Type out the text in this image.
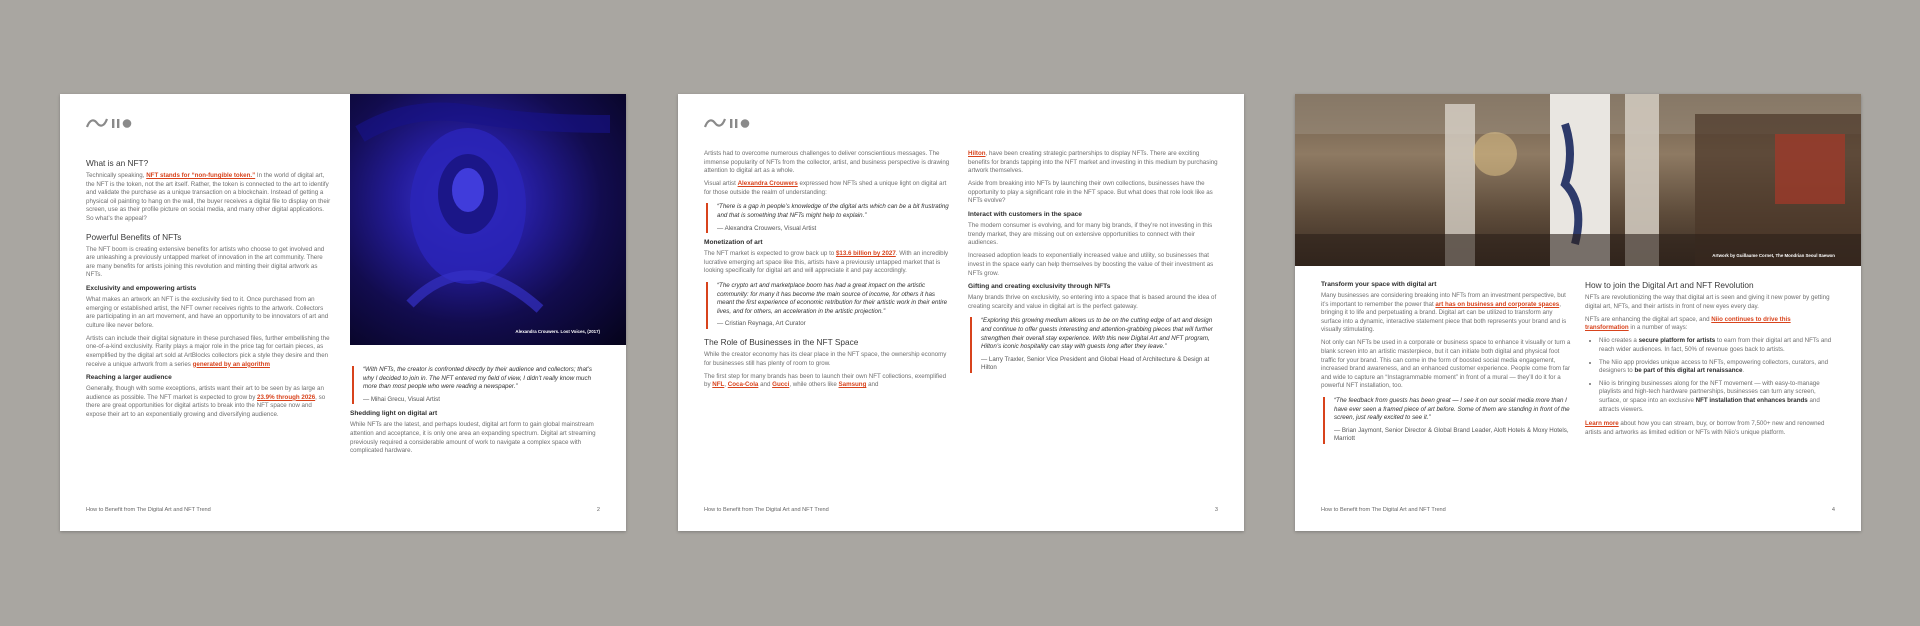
What is an NFT?

Technically speaking, NFT stands for “non-fungible token.” In the world of digital art, the NFT is the token, not the art itself. Rather, the token is connected to the art to identify and validate the purchase as a unique transaction on a blockchain. Instead of getting a physical oil painting to hang on the wall, the buyer receives a digital file to display on their screen, use as their profile picture on social media, and many other digital applications. So what’s the appeal?

Powerful Benefits of NFTs

The NFT boom is creating extensive benefits for artists who choose to get involved and are unleashing a previously untapped market of innovation in the art community. There are many benefits for artists joining this revolution and minting their digital artwork as NFTs.

Exclusivity and empowering artists

What makes an artwork an NFT is the exclusivity tied to it. Once purchased from an emerging or established artist, the NFT owner receives rights to the artwork. Collectors are participating in an art movement, and have an opportunity to be innovators of art and culture like never before.

Artists can include their digital signature in these purchased files, further embellishing the one-of-a-kind exclusivity. Rarity plays a major role in the price tag for certain pieces, as exemplified by the digital art sold at ArtBlocks collectors pick a style they desire and then receive a unique artwork from a series generated by an algorithm

Reaching a larger audience

Generally, though with some exceptions, artists want their art to be seen by as large an audience as possible. The NFT market is expected to grow by 23.9% through 2026, so there are great opportunities for digital artists to break into the NFT space now and expose their art to an exponentially growing and diversifying audience.

Alexandra Crouwers. Lost Voices, (2017)
“With NFTs, the creator is confronted directly by their audience and collectors; that’s why I decided to join in. The NFT entered my field of view, I didn’t really know much more than most people who were reading a newspaper.”
— Mihai Grecu, Visual Artist
Shedding light on digital art

While NFTs are the latest, and perhaps loudest, digital art form to gain global mainstream attention and acceptance, it is only one area an expanding spectrum. Digital art streaming previously required a considerable amount of work to navigate a complex space with complicated hardware.

How to Benefit from The Digital Art and NFT Trend	2

Artists had to overcome numerous challenges to deliver conscientious messages. The immense popularity of NFTs from the collector, artist, and business perspective is drawing attention to digital art as a whole.

Visual artist Alexandra Crouwers expressed how NFTs shed a unique light on digital art for those outside the realm of understanding:

“There is a gap in people’s knowledge of the digital arts which can be a bit frustrating and that is something that NFTs might help to explain.”
— Alexandra Crouwers, Visual Artist
Monetization of art

The NFT market is expected to grow back up to $13.6 billion by 2027. With an incredibly lucrative emerging art space like this, artists have a previously untapped market that is looking specifically for digital art and will appreciate it and pay accordingly.

“The crypto art and marketplace boom has had a great impact on the artistic community: for many it has become the main source of income, for others it has meant the first experience of economic retribution for their artistic work in their entire lives, and for others, an acceleration in the artistic projection.”
— Cristian Reynaga, Art Curator
The Role of Businesses in the NFT Space

While the creator economy has its clear place in the NFT space, the ownership economy for businesses still has plenty of room to grow.

The first step for many brands has been to launch their own NFT collections, exemplified by NFL, Coca-Cola and Gucci, while others like Samsung and

Hilton, have been creating strategic partnerships to display NFTs. There are exciting benefits for brands tapping into the NFT market and investing in this medium by purchasing artwork themselves.

Aside from breaking into NFTs by launching their own collections, businesses have the opportunity to play a significant role in the NFT space. But what does that role look like as NFTs evolve?

Interact with customers in the space

The modern consumer is evolving, and for many big brands, if they’re not investing in this trendy market, they are missing out on extensive opportunities to connect with their audiences.

Increased adoption leads to exponentially increased value and utility, so businesses that invest in the space early can help themselves by boosting the value of their investment as NFTs grow.

Gifting and creating exclusivity through NFTs

Many brands thrive on exclusivity, so entering into a space that is based around the idea of creating scarcity and value in digital art is the perfect gateway.

“Exploring this growing medium allows us to be on the cutting edge of art and design and continue to offer guests interesting and attention-grabbing pieces that will further strengthen their overall stay experience. With this new Digital Art and NFT program, Hilton’s iconic hospitality can stay with guests long after they leave.”
— Larry Traxler, Senior Vice President and Global Head of Architecture & Design at Hilton
How to Benefit from The Digital Art and NFT Trend	3
Artwork by Guillaume Cornet, The Mondrian Seoul Itaewon
Transform your space with digital art

Many businesses are considering breaking into NFTs from an investment perspective, but it’s important to remember the power that art has on business and corporate spaces, bringing it to life and perpetuating a brand. Digital art can be utilized to transform any surface into a dynamic, interactive statement piece that both represents your brand and is visually stimulating.

Not only can NFTs be used in a corporate or business space to enhance it visually or turn a blank screen into an artistic masterpiece, but it can initiate both digital and physical foot traffic for your brand. This can come in the form of boosted social media engagement, increased brand awareness, and an enhanced customer experience. People come from far and wide to capture an “Instagrammable moment” in front of a mural — they’ll do it for a powerful NFT installation, too.

“The feedback from guests has been great — I see it on our social media more than I have ever seen a framed piece of art before. Some of them are standing in front of the screen, just really excited to see it.”
— Brian Jaymont, Senior Director & Global Brand Leader, Aloft Hotels & Moxy Hotels, Marriott
How to join the Digital Art and NFT Revolution

NFTs are revolutionizing the way that digital art is seen and giving it new power by getting digital art, NFTs, and their artists in front of new eyes every day.

NFTs are enhancing the digital art space, and Niio continues to drive this transformation in a number of ways:

• Niio creates a secure platform for artists to earn from their digital art and NFTs and reach wider audiences. In fact, 50% of revenue goes back to artists.
• The Niio app provides unique access to NFTs, empowering collectors, curators, and designers to be part of this digital art renaissance.
• Niio is bringing businesses along for the NFT movement — with easy-to-manage playlists and high-tech hardware partnerships, businesses can turn any screen, surface, or space into an exclusive NFT installation that enhances brands and attracts viewers.

Learn more about how you can stream, buy, or borrow from 7,500+ new and renowned artists and artworks as limited edition or NFTs with Niio’s unique platform.

How to Benefit from The Digital Art and NFT Trend	4
